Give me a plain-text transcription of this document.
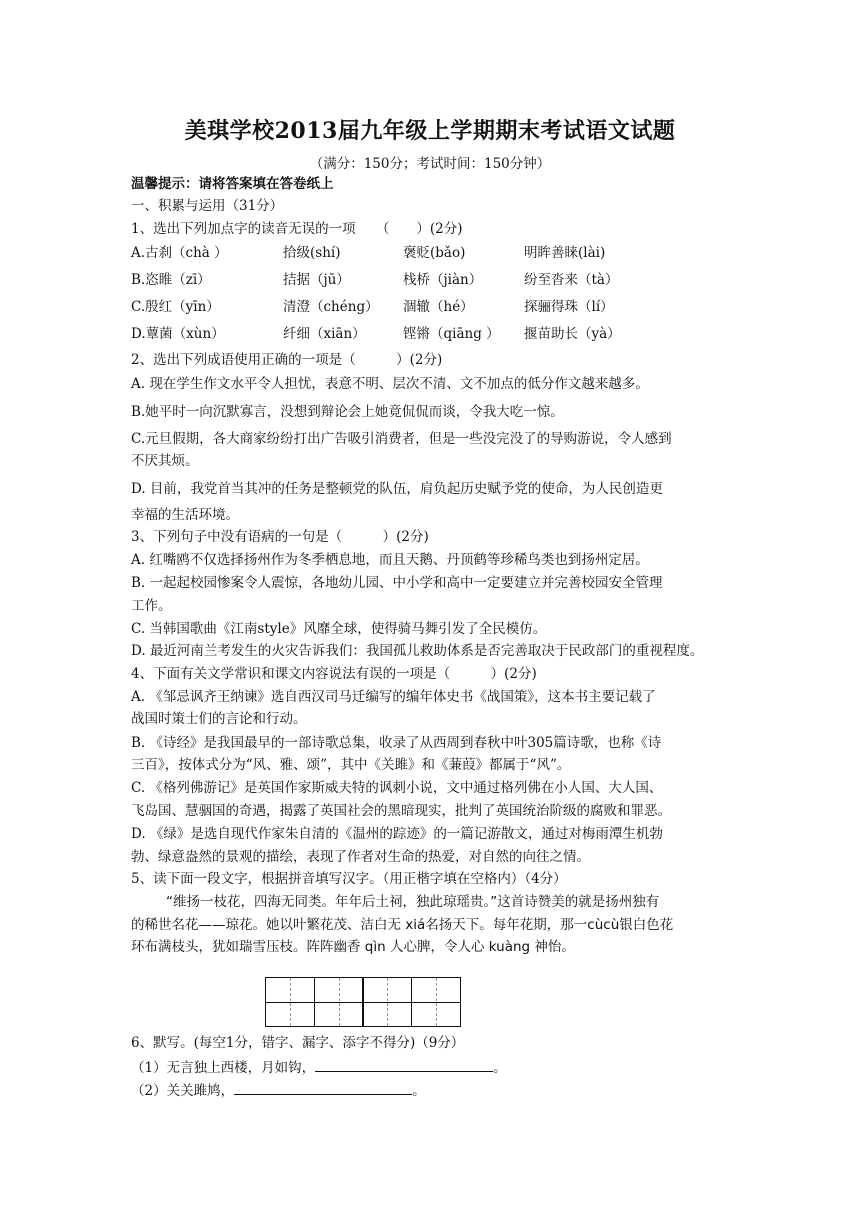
美琪学校2013届九年级上学期期末考试语文试题
（满分：150分；考试时间：150分钟）
温馨提示：请将答案填在答卷纸上
一、积累与运用（31分）
1、选出下列加点字的读音无误的一项　　（　　）(2分)
A.古刹（chà ）	拾级(shí)	褒贬(bǎo)	明眸善睐(lài)
B.恣睢（zī）	拮据（jū）	栈桥（jiàn）	纷至沓来（tà）
C.殷红（yīn）	清澄（chéng） 涸辙（hé）	探骊得珠（lí）
D.蕈菌（xùn）	纤细（xiān）	铿锵（qiāng ） 揠苗助长（yà）
2、选出下列成语使用正确的一项是（　　　）(2分)
A. 现在学生作文水平令人担忧，表意不明、层次不清、文不加点的低分作文越来越多。
B.她平时一向沉默寡言，没想到辩论会上她竟侃侃而谈，令我大吃一惊。
C.元旦假期，各大商家纷纷打出广告吸引消费者，但是一些没完没了的导购游说，令人感到
不厌其烦。
D. 目前，我党首当其冲的任务是整顿党的队伍，肩负起历史赋予党的使命，为人民创造更
幸福的生活环境。
3、下列句子中没有语病的一句是（　　　）(2分)
A. 红嘴鸥不仅选择扬州作为冬季栖息地，而且天鹅、丹顶鹤等珍稀鸟类也到扬州定居。
B. 一起起校园惨案令人震惊，各地幼儿园、中小学和高中一定要建立并完善校园安全管理
工作。
C. 当韩国歌曲《江南style》风靡全球，使得骑马舞引发了全民模仿。
D. 最近河南兰考发生的火灾告诉我们：我国孤儿救助体系是否完善取决于民政部门的重视程度。
4、下面有关文学常识和课文内容说法有误的一项是（　　　）(2分)
A. 《邹忌讽齐王纳谏》选自西汉司马迁编写的编年体史书《战国策》，这本书主要记载了
战国时策士们的言论和行动。
B. 《诗经》是我国最早的一部诗歌总集，收录了从西周到春秋中叶305篇诗歌，也称《诗
三百》，按体式分为“风、雅、颂”，其中《关雎》和《蒹葭》都属于“风”。
C. 《格列佛游记》是英国作家斯威夫特的讽刺小说，文中通过格列佛在小人国、大人国、
飞岛国、慧骃国的奇遇，揭露了英国社会的黑暗现实，批判了英国统治阶级的腐败和罪恶。
D. 《绿》是选自现代作家朱自清的《温州的踪迹》的一篇记游散文，通过对梅雨潭生机勃
勃、绿意盎然的景观的描绘，表现了作者对生命的热爱，对自然的向往之情。
5、读下面一段文字，根据拼音填写汉字。（用正楷字填在空格内）（4分）
“维扬一枝花，四海无同类。年年后土祠，独此琼瑶贵。”这首诗赞美的就是扬州独有
的稀世名花——琼花。她以叶繁花茂、洁白无 xiá名扬天下。每年花期，那一cùcù银白色花
环布满枝头，犹如瑞雪压枝。阵阵幽香 qìn 人心脾，令人心 kuàng 神怡。
6、默写。(每空1分，错字、漏字、添字不得分)（9分）
（1）无言独上西楼，月如钩，	。
（2）关关雎鸠，	。
